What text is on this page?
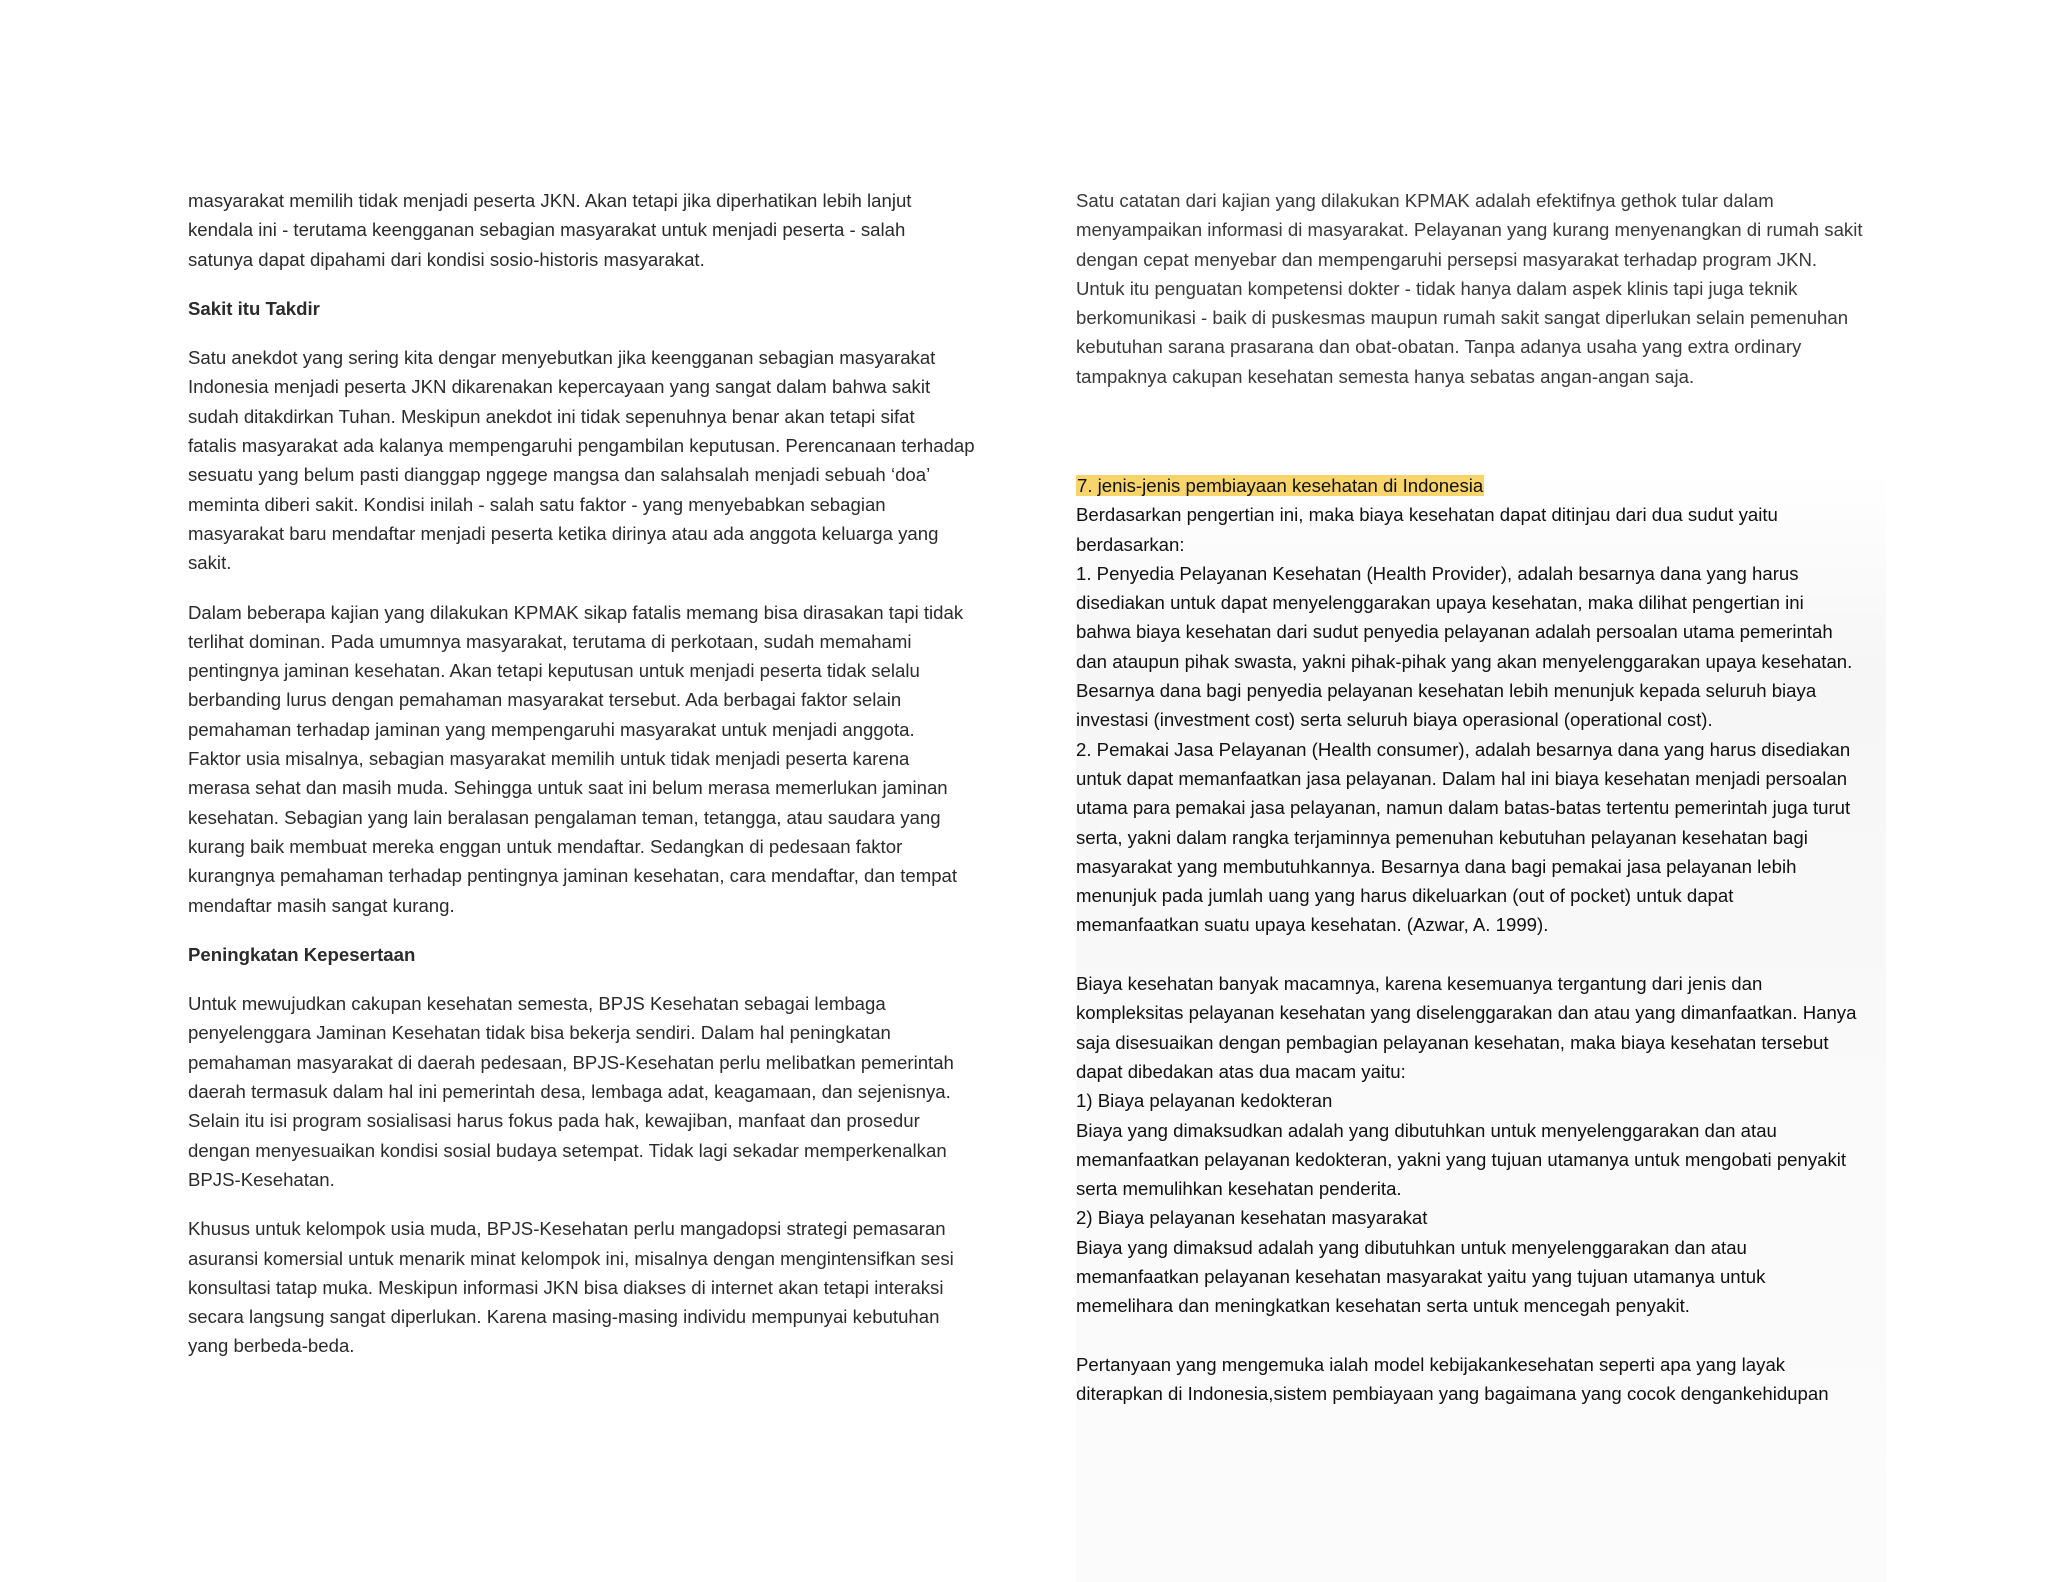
masyarakat memilih tidak menjadi peserta JKN. Akan tetapi jika diperhatikan lebih lanjut
kendala ini - terutama keengganan sebagian masyarakat untuk menjadi peserta - salah
satunya dapat dipahami dari kondisi sosio-historis masyarakat.
Sakit itu Takdir
Satu anekdot yang sering kita dengar menyebutkan jika keengganan sebagian masyarakat
Indonesia menjadi peserta JKN dikarenakan kepercayaan yang sangat dalam bahwa sakit
sudah ditakdirkan Tuhan. Meskipun anekdot ini tidak sepenuhnya benar akan tetapi sifat
fatalis masyarakat ada kalanya mempengaruhi pengambilan keputusan. Perencanaan terhadap
sesuatu yang belum pasti dianggap nggege mangsa dan salahsalah menjadi sebuah ‘doa’
meminta diberi sakit. Kondisi inilah - salah satu faktor - yang menyebabkan sebagian
masyarakat baru mendaftar menjadi peserta ketika dirinya atau ada anggota keluarga yang
sakit.
Dalam beberapa kajian yang dilakukan KPMAK sikap fatalis memang bisa dirasakan tapi tidak
terlihat dominan. Pada umumnya masyarakat, terutama di perkotaan, sudah memahami
pentingnya jaminan kesehatan. Akan tetapi keputusan untuk menjadi peserta tidak selalu
berbanding lurus dengan pemahaman masyarakat tersebut. Ada berbagai faktor selain
pemahaman terhadap jaminan yang mempengaruhi masyarakat untuk menjadi anggota.
Faktor usia misalnya, sebagian masyarakat memilih untuk tidak menjadi peserta karena
merasa sehat dan masih muda. Sehingga untuk saat ini belum merasa memerlukan jaminan
kesehatan. Sebagian yang lain beralasan pengalaman teman, tetangga, atau saudara yang
kurang baik membuat mereka enggan untuk mendaftar. Sedangkan di pedesaan faktor
kurangnya pemahaman terhadap pentingnya jaminan kesehatan, cara mendaftar, dan tempat
mendaftar masih sangat kurang.
Peningkatan Kepesertaan
Untuk mewujudkan cakupan kesehatan semesta, BPJS Kesehatan sebagai lembaga
penyelenggara Jaminan Kesehatan tidak bisa bekerja sendiri. Dalam hal peningkatan
pemahaman masyarakat di daerah pedesaan, BPJS-Kesehatan perlu melibatkan pemerintah
daerah termasuk dalam hal ini pemerintah desa, lembaga adat, keagamaan, dan sejenisnya.
Selain itu isi program sosialisasi harus fokus pada hak, kewajiban, manfaat dan prosedur
dengan menyesuaikan kondisi sosial budaya setempat. Tidak lagi sekadar memperkenalkan
BPJS-Kesehatan.
Khusus untuk kelompok usia muda, BPJS-Kesehatan perlu mangadopsi strategi pemasaran
asuransi komersial untuk menarik minat kelompok ini, misalnya dengan mengintensifkan sesi
konsultasi tatap muka. Meskipun informasi JKN bisa diakses di internet akan tetapi interaksi
secara langsung sangat diperlukan. Karena masing-masing individu mempunyai kebutuhan
yang berbeda-beda.
Satu catatan dari kajian yang dilakukan KPMAK adalah efektifnya gethok tular dalam
menyampaikan informasi di masyarakat. Pelayanan yang kurang menyenangkan di rumah sakit
dengan cepat menyebar dan mempengaruhi persepsi masyarakat terhadap program JKN.
Untuk itu penguatan kompetensi dokter - tidak hanya dalam aspek klinis tapi juga teknik
berkomunikasi - baik di puskesmas maupun rumah sakit sangat diperlukan selain pemenuhan
kebutuhan sarana prasarana dan obat-obatan. Tanpa adanya usaha yang extra ordinary
tampaknya cakupan kesehatan semesta hanya sebatas angan-angan saja.
7. jenis-jenis pembiayaan kesehatan di Indonesia
Berdasarkan pengertian ini, maka biaya kesehatan dapat ditinjau dari dua sudut yaitu
berdasarkan:
1. Penyedia Pelayanan Kesehatan (Health Provider), adalah besarnya dana yang harus
disediakan untuk dapat menyelenggarakan upaya kesehatan, maka dilihat pengertian ini
bahwa biaya kesehatan dari sudut penyedia pelayanan adalah persoalan utama pemerintah
dan ataupun pihak swasta, yakni pihak-pihak yang akan menyelenggarakan upaya kesehatan.
Besarnya dana bagi penyedia pelayanan kesehatan lebih menunjuk kepada seluruh biaya
investasi (investment cost) serta seluruh biaya operasional (operational cost).
2. Pemakai Jasa Pelayanan (Health consumer), adalah besarnya dana yang harus disediakan
untuk dapat memanfaatkan jasa pelayanan. Dalam hal ini biaya kesehatan menjadi persoalan
utama para pemakai jasa pelayanan, namun dalam batas-batas tertentu pemerintah juga turut
serta, yakni dalam rangka terjaminnya pemenuhan kebutuhan pelayanan kesehatan bagi
masyarakat yang membutuhkannya. Besarnya dana bagi pemakai jasa pelayanan lebih
menunjuk pada jumlah uang yang harus dikeluarkan (out of pocket) untuk dapat
memanfaatkan suatu upaya kesehatan. (Azwar, A. 1999).
Biaya kesehatan banyak macamnya, karena kesemuanya tergantung dari jenis dan
kompleksitas pelayanan kesehatan yang diselenggarakan dan atau yang dimanfaatkan. Hanya
saja disesuaikan dengan pembagian pelayanan kesehatan, maka biaya kesehatan tersebut
dapat dibedakan atas dua macam yaitu:
1) Biaya pelayanan kedokteran
Biaya yang dimaksudkan adalah yang dibutuhkan untuk menyelenggarakan dan atau
memanfaatkan pelayanan kedokteran, yakni yang tujuan utamanya untuk mengobati penyakit
serta memulihkan kesehatan penderita.
2) Biaya pelayanan kesehatan masyarakat
Biaya yang dimaksud adalah yang dibutuhkan untuk menyelenggarakan dan atau
memanfaatkan pelayanan kesehatan masyarakat yaitu yang tujuan utamanya untuk
memelihara dan meningkatkan kesehatan serta untuk mencegah penyakit.
Pertanyaan yang mengemuka ialah model kebijakankesehatan seperti apa yang layak
diterapkan di Indonesia,sistem pembiayaan yang bagaimana yang cocok dengankehidupan
